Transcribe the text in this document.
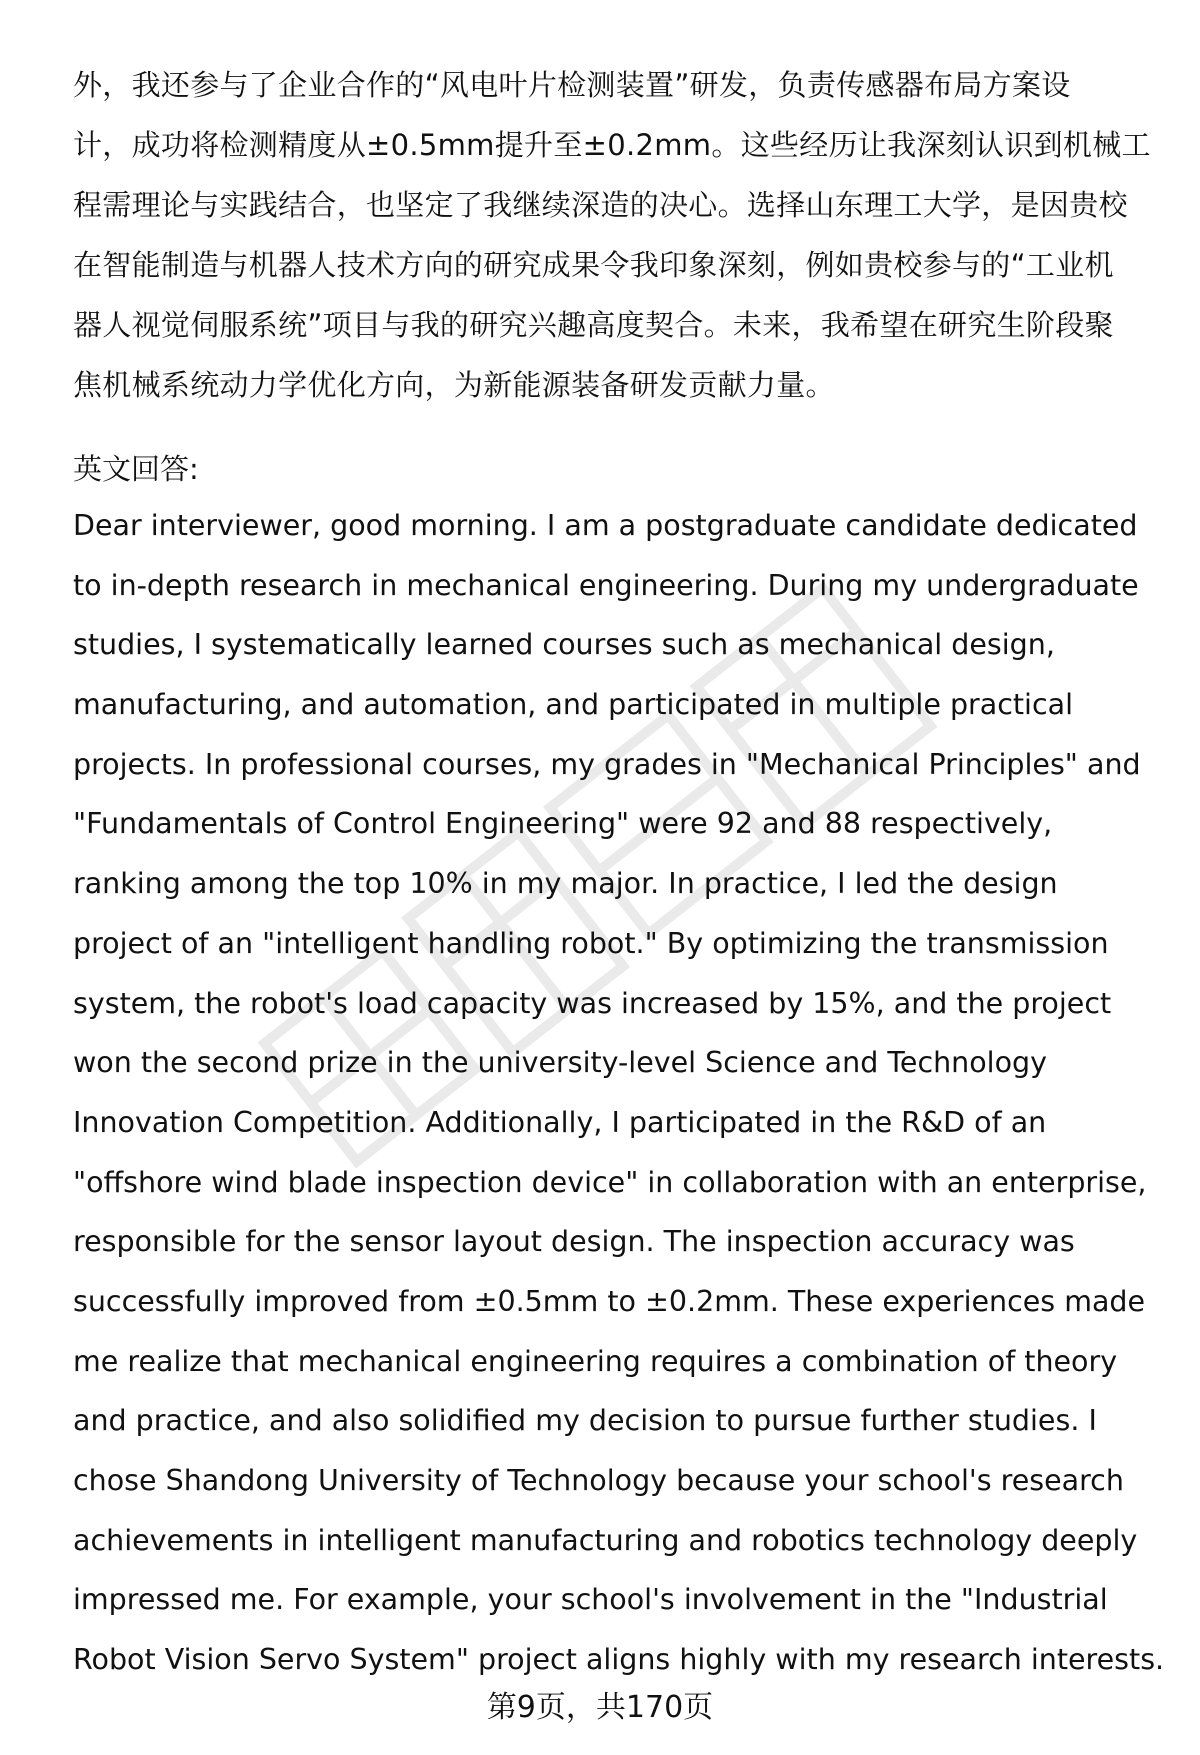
外，我还参与了企业合作的“风电叶片检测装置”研发，负责传感器布局方案设
计，成功将检测精度从±0.5mm提升至±0.2mm。这些经历让我深刻认识到机械工
程需理论与实践结合，也坚定了我继续深造的决心。选择山东理工大学，是因贵校
在智能制造与机器人技术方向的研究成果令我印象深刻，例如贵校参与的“工业机
器人视觉伺服系统”项目与我的研究兴趣高度契合。未来，我希望在研究生阶段聚
焦机械系统动力学优化方向，为新能源装备研发贡献力量。
英文回答:
Dear interviewer, good morning. I am a postgraduate candidate dedicated
to in-depth research in mechanical engineering. During my undergraduate
studies, I systematically learned courses such as mechanical design,
manufacturing, and automation, and participated in multiple practical
projects. In professional courses, my grades in "Mechanical Principles" and
"Fundamentals of Control Engineering" were 92 and 88 respectively,
ranking among the top 10% in my major. In practice, I led the design
project of an "intelligent handling robot." By optimizing the transmission
system, the robot's load capacity was increased by 15%, and the project
won the second prize in the university-level Science and Technology
Innovation Competition. Additionally, I participated in the R&D of an
"offshore wind blade inspection device" in collaboration with an enterprise,
responsible for the sensor layout design. The inspection accuracy was
successfully improved from ±0.5mm to ±0.2mm. These experiences made
me realize that mechanical engineering requires a combination of theory
and practice, and also solidified my decision to pursue further studies. I
chose Shandong University of Technology because your school's research
achievements in intelligent manufacturing and robotics technology deeply
impressed me. For example, your school's involvement in the "Industrial
Robot Vision Servo System" project aligns highly with my research interests.
第9页，共170页
